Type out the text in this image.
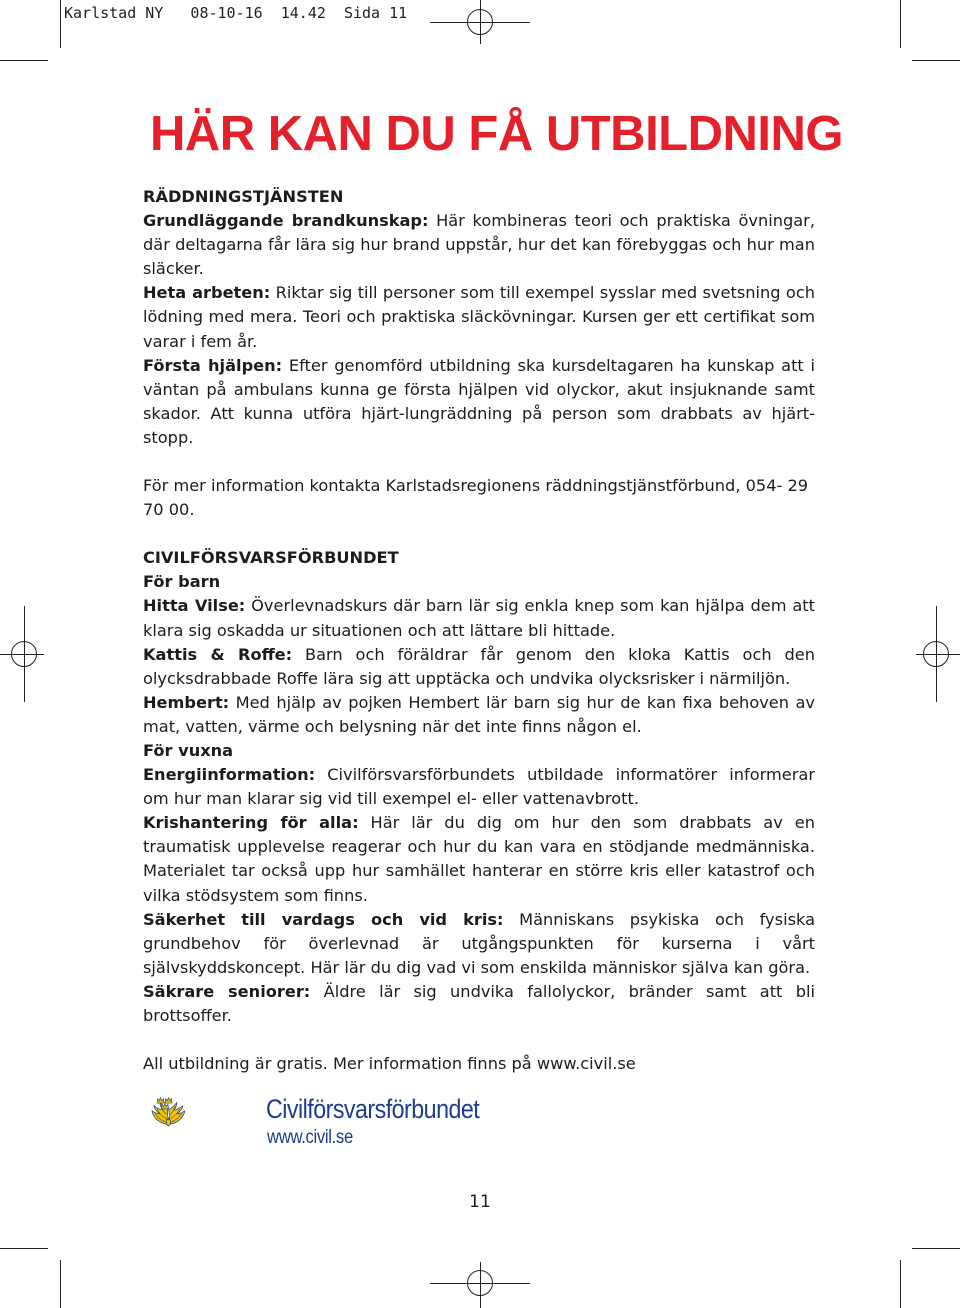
Karlstad NY   08-10-16  14.42  Sida 11
HÄR KAN DU FÅ UTBILDNING

RÄDDNINGSTJÄNSTEN

Grundläggande brandkunskap: Här kombineras teori och praktiska övningar, där deltagarna får lära sig hur brand uppstår, hur det kan förebyggas och hur man släcker.

Heta arbeten: Riktar sig till personer som till exempel sysslar med svetsning och lödning med mera. Teori och praktiska släckövningar. Kursen ger ett certifikat som varar i fem år.

Första hjälpen: Efter genomförd utbildning ska kursdeltagaren ha kunskap att i väntan på ambulans kunna ge första hjälpen vid olyckor, akut insjuknande samt skador. Att kunna utföra hjärt-lungräddning på person som drabbats av hjärt-stopp.

För mer information kontakta Karlstadsregionens räddningstjänstförbund, 054- 29 70 00.

CIVILFÖRSVARSFÖRBUNDET

För barn

Hitta Vilse: Överlevnadskurs där barn lär sig enkla knep som kan hjälpa dem att klara sig oskadda ur situationen och att lättare bli hittade.

Kattis & Roffe: Barn och föräldrar får genom den kloka Kattis och den olycksdrabbade Roffe lära sig att upptäcka och undvika olycksrisker i närmiljön.

Hembert: Med hjälp av pojken Hembert lär barn sig hur de kan fixa behoven av mat, vatten, värme och belysning när det inte finns någon el.

För vuxna

Energiinformation: Civilförsvarsförbundets utbildade informatörer informerar om hur man klarar sig vid till exempel el- eller vattenavbrott.

Krishantering för alla: Här lär du dig om hur den som drabbats av en traumatisk upplevelse reagerar och hur du kan vara en stödjande medmänniska. Materialet tar också upp hur samhället hanterar en större kris eller katastrof och vilka stödsystem som finns.

Säkerhet till vardags och vid kris: Människans psykiska och fysiska grundbehov för överlevnad är utgångspunkten för kurserna i vårt självskyddskoncept. Här lär du dig vad vi som enskilda människor själva kan göra.

Säkrare seniorer: Äldre lär sig undvika fallolyckor, bränder samt att bli brottsoffer.

All utbildning är gratis. Mer information finns på www.civil.se

Civilförsvarsförbundet

www.civil.se

11
